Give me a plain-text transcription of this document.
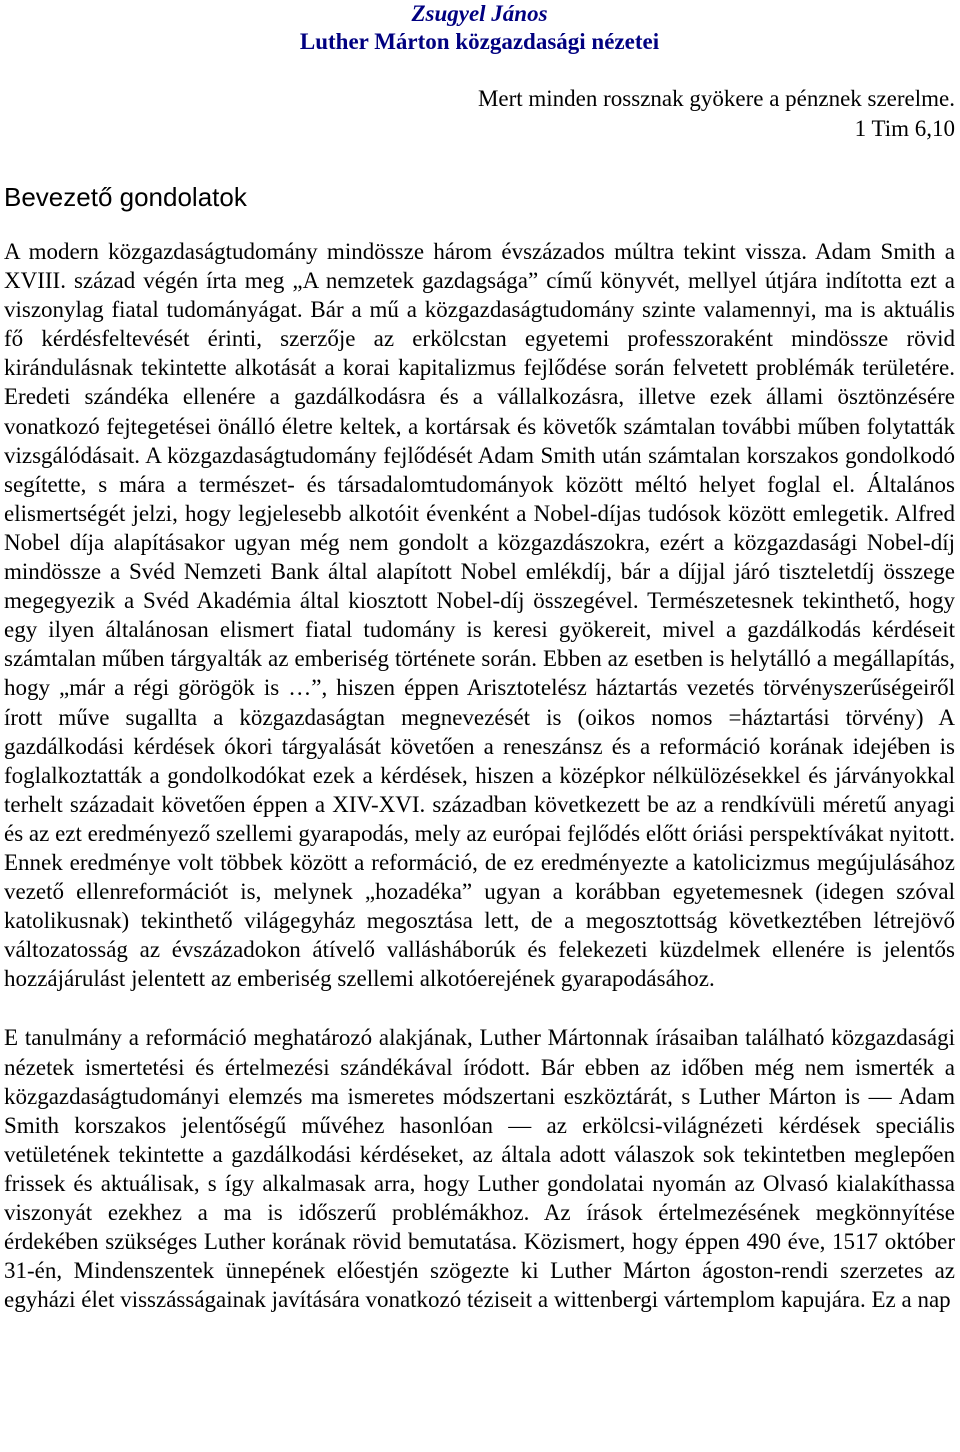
Zsugyel János
Luther Márton közgazdasági nézetei
Mert minden rossznak gyökere a pénznek szerelme.
1 Tim 6,10
Bevezető gondolatok

A modern közgazdaságtudomány mindössze három évszázados múltra tekint vissza. Adam Smith a XVIII. század végén írta meg „A nemzetek gazdagsága” című könyvét, mellyel útjára indította ezt a viszonylag fiatal tudományágat. Bár a mű a közgazdaságtudomány szinte valamennyi, ma is aktuális fő kérdésfeltevését érinti, szerzője az erkölcstan egyetemi professzoraként mindössze rövid kirándulásnak tekintette alkotását a korai kapitalizmus fejlődése során felvetett problémák területére. Eredeti szándéka ellenére a gazdálkodásra és a vállalkozásra, illetve ezek állami ösztönzésére vonatkozó fejtegetései önálló életre keltek, a kortársak és követők számtalan további műben folytatták vizsgálódásait. A közgazdaságtudomány fejlődését Adam Smith után számtalan korszakos gondolkodó segítette, s mára a természet- és társadalomtudományok között méltó helyet foglal el. Általános elismertségét jelzi, hogy legjelesebb alkotóit évenként a Nobel-díjas tudósok között emlegetik. Alfred Nobel díja alapításakor ugyan még nem gondolt a közgazdászokra, ezért a közgazdasági Nobel-díj mindössze a Svéd Nemzeti Bank által alapított Nobel emlékdíj, bár a díjjal járó tiszteletdíj összege megegyezik a Svéd Akadémia által kiosztott Nobel-díj összegével. Természetesnek tekinthető, hogy egy ilyen általánosan elismert fiatal tudomány is keresi gyökereit, mivel a gazdálkodás kérdéseit számtalan műben tárgyalták az emberiség története során. Ebben az esetben is helytálló a megállapítás, hogy „már a régi görögök is …”, hiszen éppen Arisztotelész háztartás vezetés törvényszerűségeiről írott műve sugallta a közgazdaságtan megnevezését is (oikos nomos =háztartási törvény) A gazdálkodási kérdések ókori tárgyalását követően a reneszánsz és a reformáció korának idejében is foglalkoztatták a gondolkodókat ezek a kérdések, hiszen a középkor nélkülözésekkel és járványokkal terhelt századait követően éppen a XIV-XVI. században következett be az a rendkívüli méretű anyagi és az ezt eredményező szellemi gyarapodás, mely az európai fejlődés előtt óriási perspektívákat nyitott. Ennek eredménye volt többek között a reformáció, de ez eredményezte a katolicizmus megújulásához vezető ellenreformációt is, melynek „hozadéka” ugyan a korábban egyetemesnek (idegen szóval katolikusnak) tekinthető világegyház megosztása lett, de a megosztottság következtében létrejövő változatosság az évszázadokon átívelő vallásháborúk és felekezeti küzdelmek ellenére is jelentős hozzájárulást jelentett az emberiség szellemi alkotóerejének gyarapodásához.

E tanulmány a reformáció meghatározó alakjának, Luther Mártonnak írásaiban található közgazdasági nézetek ismertetési és értelmezési szándékával íródott. Bár ebben az időben még nem ismerték a közgazdaságtudományi elemzés ma ismeretes módszertani eszköztárát, s Luther Márton is — Adam Smith korszakos jelentőségű művéhez hasonlóan — az erkölcsi-világnézeti kérdések speciális vetületének tekintette a gazdálkodási kérdéseket, az általa adott válaszok sok tekintetben meglepően frissek és aktuálisak, s így alkalmasak arra, hogy Luther gondolatai nyomán az Olvasó kialakíthassa viszonyát ezekhez a ma is időszerű problémákhoz. Az írások értelmezésének megkönnyítése érdekében szükséges Luther korának rövid bemutatása. Közismert, hogy éppen 490 éve, 1517 október 31-én, Mindenszentek ünnepének előestjén szögezte ki Luther Márton ágoston-rendi szerzetes az egyházi élet visszásságainak javítására vonatkozó téziseit a wittenbergi vártemplom kapujára. Ez a nap
